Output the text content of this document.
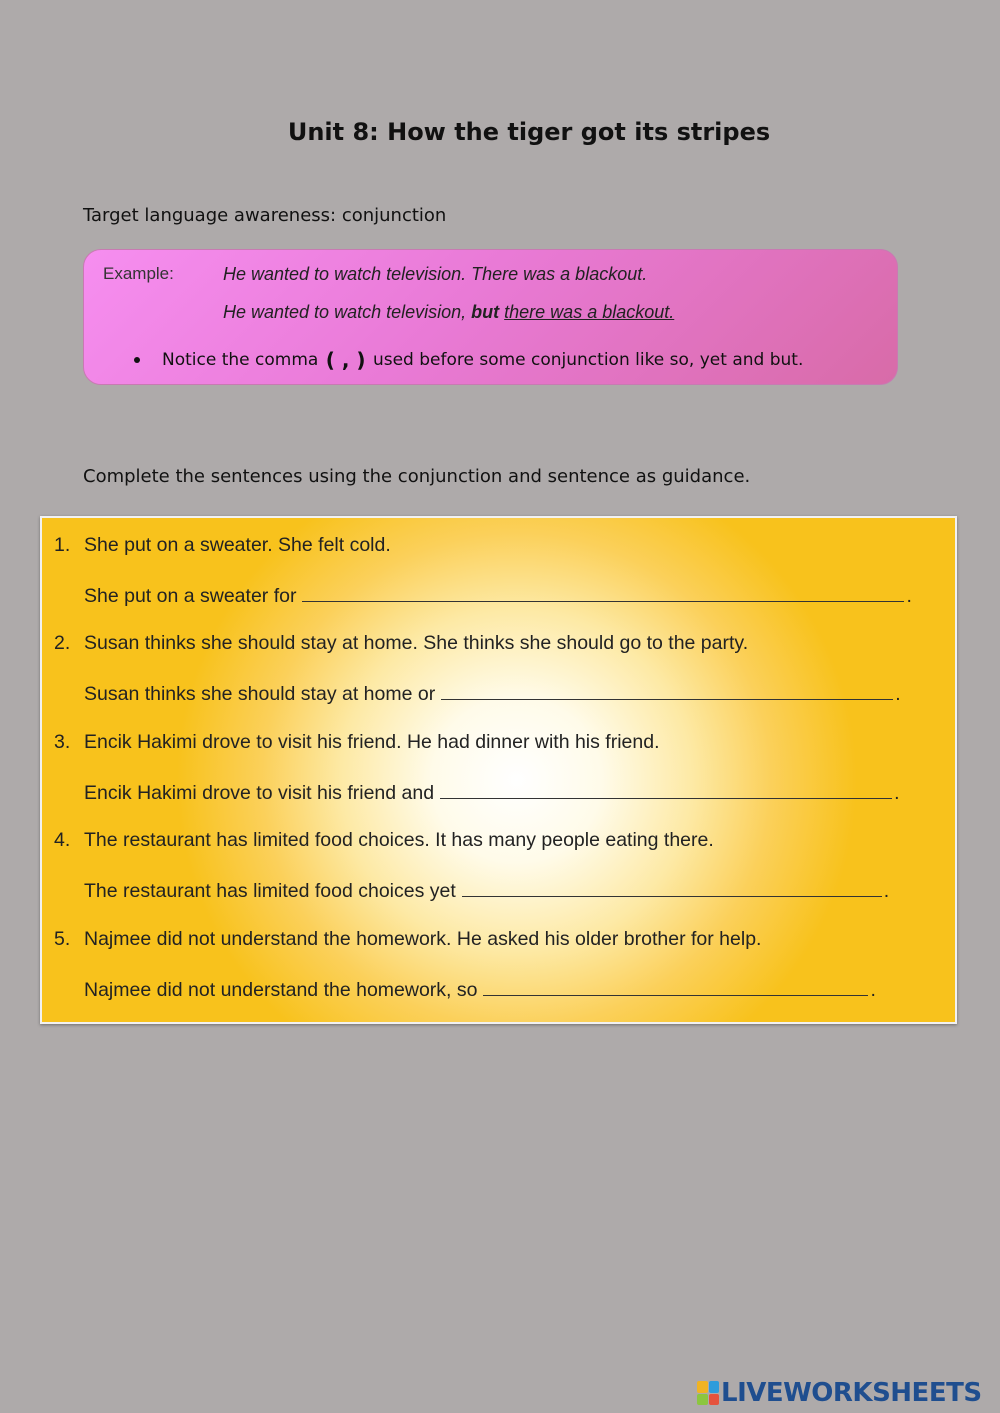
Unit 8: How the tiger got its stripes
Target language awareness: conjunction
Example:	He wanted to watch television. There was a blackout.
He wanted to watch television, but there was a blackout.
Notice the comma
( , )
used before some conjunction like so, yet and but.
Complete the sentences using the conjunction and sentence as guidance.
1. She put on a sweater. She felt cold.
She put on a sweater for	.
2. Susan thinks she should stay at home. She thinks she should go to the party.
Susan thinks she should stay at home or	.
3. Encik Hakimi drove to visit his friend. He had dinner with his friend.
Encik Hakimi drove to visit his friend and	.
4. The restaurant has limited food choices. It has many people eating there.
The restaurant has limited food choices yet	.
5. Najmee did not understand the homework. He asked his older brother for help.
Najmee did not understand the homework, so	.
LIVEWORKSHEETS
